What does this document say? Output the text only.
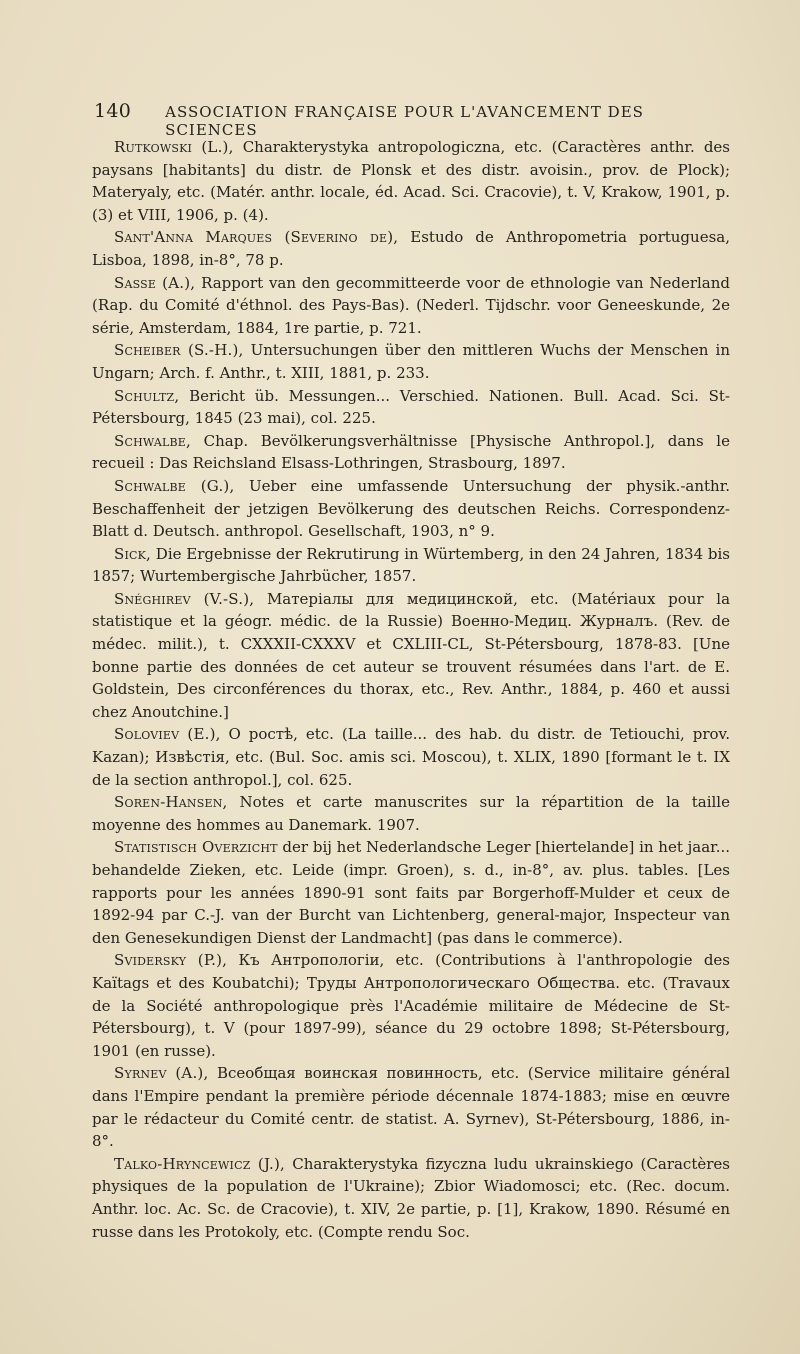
140 ASSOCIATION FRANÇAISE POUR L'AVANCEMENT DES SCIENCES

Rutkowski (L.), Charakterystyka antropologiczna, etc. (Caractères anthr. des paysans [habitants] du distr. de Plonsk et des distr. avoisin., prov. de Plock); Materyaly, etc. (Matér. anthr. locale, éd. Acad. Sci. Cracovie), t. V, Krakow, 1901, p. (3) et VIII, 1906, p. (4).

Sant'Anna Marques (Severino de), Estudo de Anthropometria portuguesa, Lisboa, 1898, in-8°, 78 p.

Sasse (A.), Rapport van den gecommitteerde voor de ethnologie van Nederland (Rap. du Comité d'éthnol. des Pays-Bas). (Nederl. Tijdschr. voor Geneeskunde, 2e série, Amsterdam, 1884, 1re partie, p. 721.

Scheiber (S.-H.), Untersuchungen über den mittleren Wuchs der Menschen in Ungarn; Arch. f. Anthr., t. XIII, 1881, p. 233.

Schultz, Bericht üb. Messungen... Verschied. Nationen. Bull. Acad. Sci. St-Pétersbourg, 1845 (23 mai), col. 225.

Schwalbe, Chap. Bevölkerungsverhältnisse [Physische Anthropol.], dans le recueil : Das Reichsland Elsass-Lothringen, Strasbourg, 1897.

Schwalbe (G.), Ueber eine umfassende Untersuchung der physik.-anthr. Beschaffenheit der jetzigen Bevölkerung des deutschen Reichs. Correspondenz-Blatt d. Deutsch. anthropol. Gesellschaft, 1903, n° 9.

Sick, Die Ergebnisse der Rekrutirung in Würtemberg, in den 24 Jahren, 1834 bis 1857; Wurtembergische Jahrbücher, 1857.

Snéghirev (V.-S.), Матеріалы для медицинской, etc. (Matériaux pour la statistique et la géogr. médic. de la Russie) Военно-Медиц. Журналъ. (Rev. de médec. milit.), t. CXXXII-CXXXV et CXLIII-CL, St-Pétersbourg, 1878-83. [Une bonne partie des données de cet auteur se trouvent résumées dans l'art. de E. Goldstein, Des circonférences du thorax, etc., Rev. Anthr., 1884, p. 460 et aussi chez Anoutchine.]

Soloviev (E.), О ростѣ, etc. (La taille... des hab. du distr. de Tetiouchi, prov. Kazan); Извѣстія, etc. (Bul. Soc. amis sci. Moscou), t. XLIX, 1890 [formant le t. IX de la section anthropol.], col. 625.

Soren-Hansen, Notes et carte manuscrites sur la répartition de la taille moyenne des hommes au Danemark. 1907.

Statistisch Overzicht der bij het Nederlandsche Leger [hiertelande] in het jaar... behandelde Zieken, etc. Leide (impr. Groen), s. d., in-8°, av. plus. tables. [Les rapports pour les années 1890-91 sont faits par Borgerhoff-Mulder et ceux de 1892-94 par C.-J. van der Burcht van Lichtenberg, general-major, Inspecteur van den Genesekundigen Dienst der Landmacht] (pas dans le commerce).

Svidersky (P.), Къ Антропологіи, etc. (Contributions à l'anthropologie des Kaïtags et des Koubatchi); Труды Антропологическаго Общества. etc. (Travaux de la Société anthropologique près l'Académie militaire de Médecine de St-Pétersbourg), t. V (pour 1897-99), séance du 29 octobre 1898; St-Pétersbourg, 1901 (en russe).

Syrnev (A.), Всеобщая воинская повинность, etc. (Service militaire général dans l'Empire pendant la première période décennale 1874-1883; mise en œuvre par le rédacteur du Comité centr. de statist. A. Syrnev), St-Pétersbourg, 1886, in-8°.

Talko-Hryncewicz (J.), Charakterystyka fizyczna ludu ukrainskiego (Caractères physiques de la population de l'Ukraine); Zbior Wiadomosci; etc. (Rec. docum. Anthr. loc. Ac. Sc. de Cracovie), t. XIV, 2e partie, p. [1], Krakow, 1890. Résumé en russe dans les Protokoly, etc. (Compte rendu Soc.
